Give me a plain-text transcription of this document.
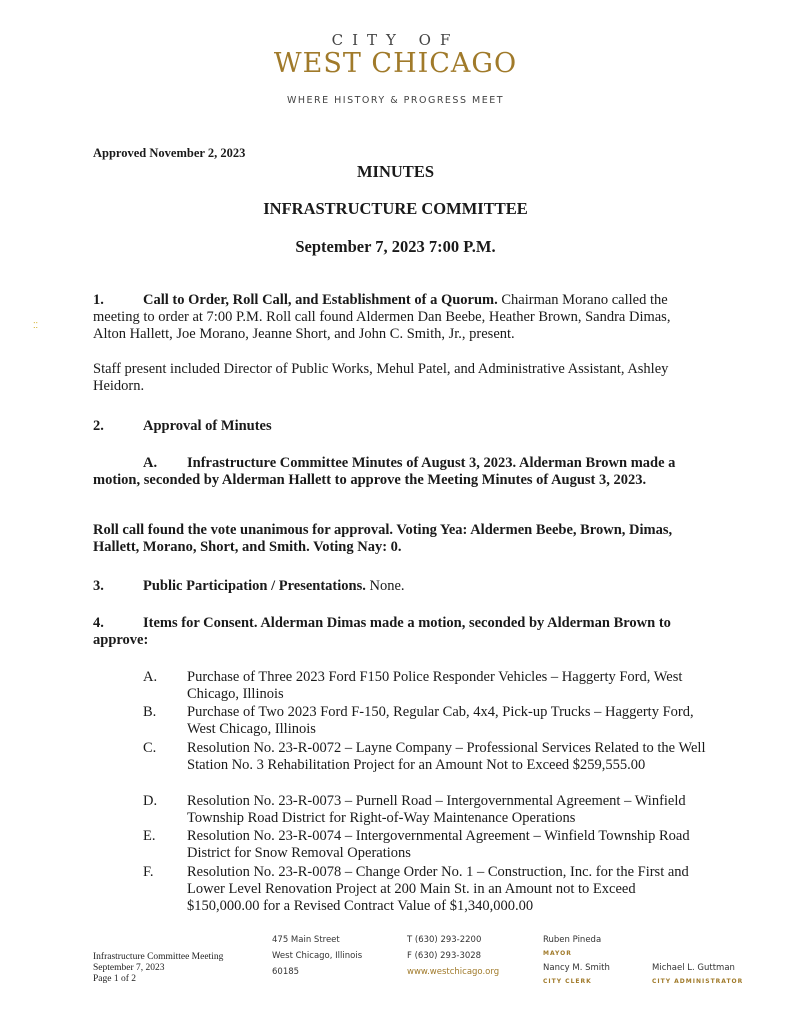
CITY OF
WEST CHICAGO
WHERE HISTORY & PROGRESS MEET
⁚⁚
Approved November 2, 2023
MINUTES
INFRASTRUCTURE COMMITTEE
September 7, 2023 7:00 P.M.
1.	Call to Order, Roll Call, and Establishment of a Quorum. Chairman Morano called the meeting to order at 7:00 P.M. Roll call found Aldermen Dan Beebe, Heather Brown, Sandra Dimas, Alton Hallett, Joe Morano, Jeanne Short, and John C. Smith, Jr., present.
Staff present included Director of Public Works, Mehul Patel, and Administrative Assistant, Ashley Heidorn.
2.	Approval of Minutes
A. Infrastructure Committee Minutes of August 3, 2023. Alderman Brown made a motion, seconded by Alderman Hallett to approve the Meeting Minutes of August 3, 2023.
Roll call found the vote unanimous for approval. Voting Yea: Aldermen Beebe, Brown, Dimas, Hallett, Morano, Short, and Smith. Voting Nay: 0.
3.	Public Participation / Presentations. None.
4.	Items for Consent. Alderman Dimas made a motion, seconded by Alderman Brown to approve:
A.	Purchase of Three 2023 Ford F150 Police Responder Vehicles – Haggerty Ford, West Chicago, Illinois
B.	Purchase of Two 2023 Ford F-150, Regular Cab, 4x4, Pick-up Trucks – Haggerty Ford, West Chicago, Illinois
C.	Resolution No. 23-R-0072 – Layne Company – Professional Services Related to the Well Station No. 3 Rehabilitation Project for an Amount Not to Exceed $259,555.00
D.	Resolution No. 23-R-0073 – Purnell Road – Intergovernmental Agreement – Winfield Township Road District for Right-of-Way Maintenance Operations
E.	Resolution No. 23-R-0074 – Intergovernmental Agreement – Winfield Township Road District for Snow Removal Operations
F.	Resolution No. 23-R-0078 – Change Order No. 1 – Construction, Inc. for the First and Lower Level Renovation Project at 200 Main St. in an Amount not to Exceed $150,000.00 for a Revised Contract Value of $1,340,000.00
Infrastructure Committee Meeting
September 7, 2023
Page 1 of 2
475 Main Street
West Chicago, Illinois
60185
T (630) 293-2200
F (630) 293-3028
www.westchicago.org
Ruben Pineda
MAYOR
Nancy M. Smith
CITY CLERK
Michael L. Guttman
CITY ADMINISTRATOR
